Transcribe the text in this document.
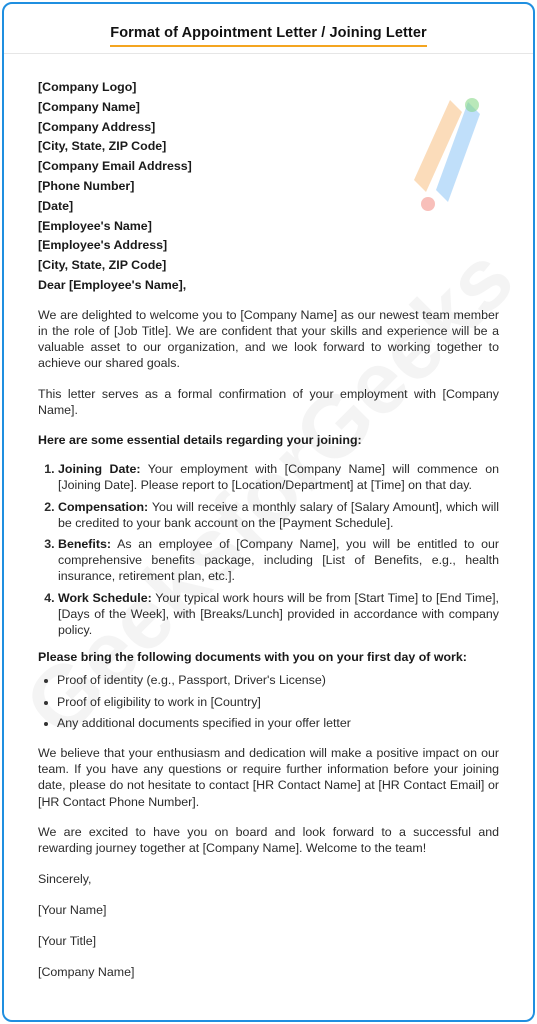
Format of Appointment Letter / Joining Letter
[Company Logo]
[Company Name]
[Company Address]
[City, State, ZIP Code]
[Company Email Address]
[Phone Number]
[Date]
[Employee's Name]
[Employee's Address]
[City, State, ZIP Code]
Dear [Employee's Name],

We are delighted to welcome you to [Company Name] as our newest team member in the role of [Job Title]. We are confident that your skills and experience will be a valuable asset to our organization, and we look forward to working together to achieve our shared goals.

This letter serves as a formal confirmation of your employment with [Company Name].

Here are some essential details regarding your joining:

1. Joining Date: Your employment with [Company Name] will commence on [Joining Date]. Please report to [Location/Department] at [Time] on that day.
2. Compensation: You will receive a monthly salary of [Salary Amount], which will be credited to your bank account on the [Payment Schedule].
3. Benefits: As an employee of [Company Name], you will be entitled to our comprehensive benefits package, including [List of Benefits, e.g., health insurance, retirement plan, etc.].
4. Work Schedule: Your typical work hours will be from [Start Time] to [End Time], [Days of the Week], with [Breaks/Lunch] provided in accordance with company policy.

Please bring the following documents with you on your first day of work:

Proof of identity (e.g., Passport, Driver's License)
Proof of eligibility to work in [Country]
Any additional documents specified in your offer letter

We believe that your enthusiasm and dedication will make a positive impact on our team. If you have any questions or require further information before your joining date, please do not hesitate to contact [HR Contact Name] at [HR Contact Email] or [HR Contact Phone Number].

We are excited to have you on board and look forward to a successful and rewarding journey together at [Company Name]. Welcome to the team!

Sincerely,

[Your Name]

[Your Title]

[Company Name]
